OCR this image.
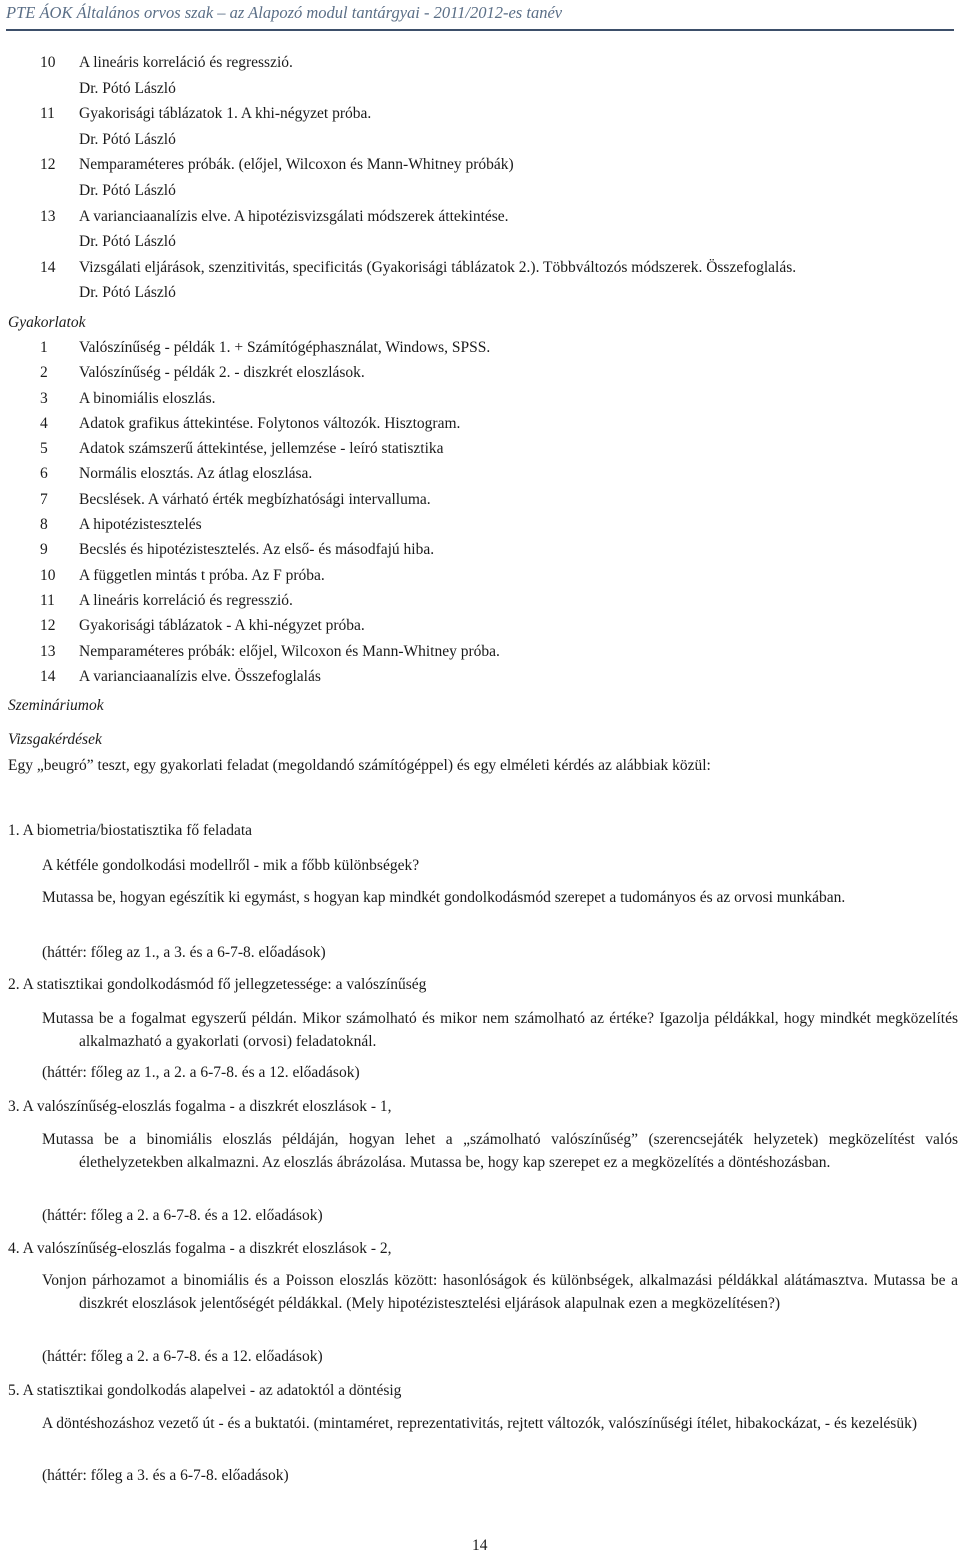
PTE ÁOK Általános orvos szak – az Alapozó modul tantárgyai - 2011/2012-es tanév
10 A lineáris korreláció és regresszió.
Dr. Pótó László
11 Gyakorisági táblázatok 1. A khi-négyzet próba.
Dr. Pótó László
12 Nemparaméteres próbák. (előjel, Wilcoxon és Mann-Whitney próbák)
Dr. Pótó László
13 A varianciaanalízis elve. A hipotézisvizsgálati módszerek áttekintése.
Dr. Pótó László
14 Vizsgálati eljárások, szenzitivitás, specificitás (Gyakorisági táblázatok 2.). Többváltozós módszerek. Összefoglalás.
Dr. Pótó László
Gyakorlatok
1 Valószínűség - példák 1. + Számítógéphasználat, Windows, SPSS.
2 Valószínűség - példák 2. - diszkrét eloszlások.
3 A binomiális eloszlás.
4 Adatok grafikus áttekintése. Folytonos változók. Hisztogram.
5 Adatok számszerű áttekintése, jellemzése - leíró statisztika
6 Normális elosztás. Az átlag eloszlása.
7 Becslések. A várható érték megbízhatósági intervalluma.
8 A hipotézistesztelés
9 Becslés és hipotézistesztelés. Az első- és másodfajú hiba.
10 A független mintás t próba. Az F próba.
11 A lineáris korreláció és regresszió.
12 Gyakorisági táblázatok - A khi-négyzet próba.
13 Nemparaméteres próbák: előjel, Wilcoxon és Mann-Whitney próba.
14 A varianciaanalízis elve. Összefoglalás
Szemináriumok
Vizsgakérdések
Egy „beugró” teszt, egy gyakorlati feladat (megoldandó számítógéppel) és egy elméleti kérdés az alábbiak közül:
1. A biometria/biostatisztika fő feladata
A kétféle gondolkodási modellről - mik a főbb különbségek?
Mutassa be, hogyan egészítik ki egymást, s hogyan kap mindkét gondolkodásmód szerepet a tudományos és az orvosi munkában.
(háttér: főleg az 1., a 3. és a 6-7-8. előadások)
2. A statisztikai gondolkodásmód fő jellegzetessége: a valószínűség
Mutassa be a fogalmat egyszerű példán. Mikor számolható és mikor nem számolható az értéke? Igazolja példákkal, hogy mindkét megközelítés alkalmazható a gyakorlati (orvosi) feladatoknál.
(háttér: főleg az 1., a 2. a 6-7-8. és a 12. előadások)
3. A valószínűség-eloszlás fogalma - a diszkrét eloszlások - 1,
Mutassa be a binomiális eloszlás példáján, hogyan lehet a „számolható valószínűség” (szerencsejáték helyzetek) megközelítést valós élethelyzetekben alkalmazni. Az eloszlás ábrázolása. Mutassa be, hogy kap szerepet ez a megközelítés a döntéshozásban.
(háttér: főleg a 2. a 6-7-8. és a 12. előadások)
4. A valószínűség-eloszlás fogalma - a diszkrét eloszlások - 2,
Vonjon párhozamot a binomiális és a Poisson eloszlás között: hasonlóságok és különbségek, alkalmazási példákkal alátámasztva. Mutassa be a diszkrét eloszlások jelentőségét példákkal. (Mely hipotézistesztelési eljárások alapulnak ezen a megközelítésen?)
(háttér: főleg a 2. a 6-7-8. és a 12. előadások)
5. A statisztikai gondolkodás alapelvei - az adatoktól a döntésig
A döntéshozáshoz vezető út - és a buktatói. (mintaméret, reprezentativitás, rejtett változók, valószínűségi ítélet, hibakockázat, - és kezelésük)
(háttér: főleg a 3. és a 6-7-8. előadások)
14
